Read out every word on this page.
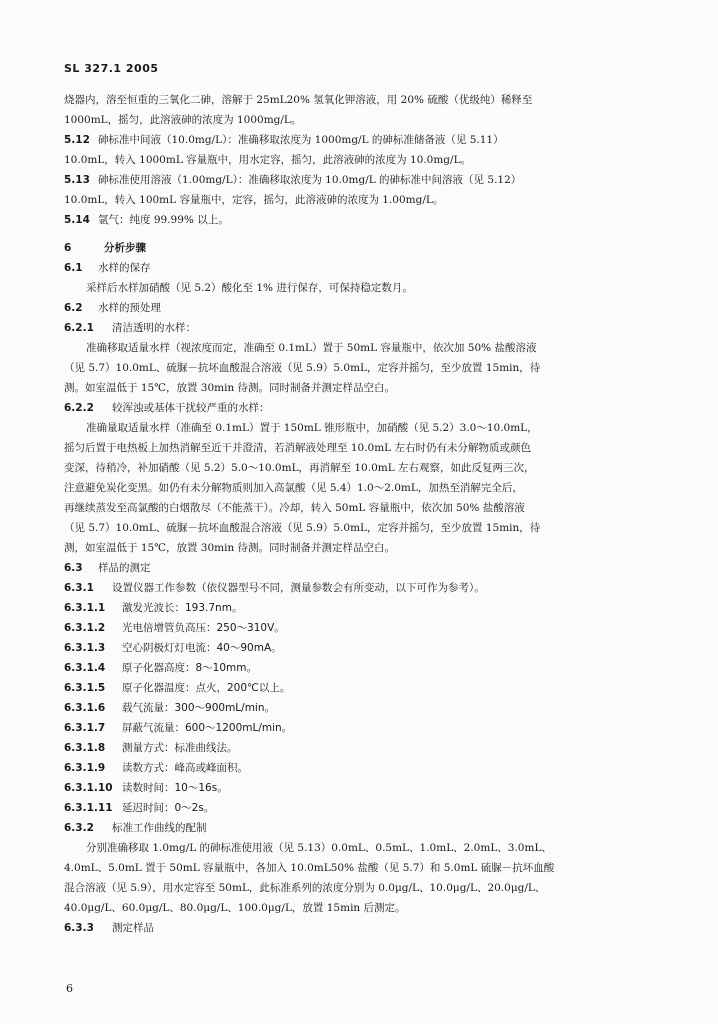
SL 327.1 2005
烧器内，溶至恒重的三氧化二砷，溶解于 25mL20% 氢氧化钾溶液，用 20% 硫酸（优级纯）稀释至
1000mL，摇匀，此溶液砷的浓度为 1000mg/L。
5.12 砷标准中间液（10.0mg/L）：准确移取浓度为 1000mg/L 的砷标准储备液（见 5.11）
10.0mL，转入 1000mL 容量瓶中，用水定容，摇匀，此溶液砷的浓度为 10.0mg/L。
5.13 砷标准使用溶液（1.00mg/L）：准确移取浓度为 10.0mg/L 的砷标准中间溶液（见 5.12）
10.0mL，转入 100mL 容量瓶中，定容，摇匀，此溶液砷的浓度为 1.00mg/L。
5.14 氩气：纯度 99.99% 以上。
6	分析步骤
6.1 水样的保存
采样后水样加硝酸（见 5.2）酸化至 1% 进行保存，可保持稳定数月。
6.2 水样的预处理
6.2.1 清洁透明的水样：
准确移取适量水样（视浓度而定，准确至 0.1mL）置于 50mL 容量瓶中，依次加 50% 盐酸溶液
（见 5.7）10.0mL、硫脲－抗坏血酸混合溶液（见 5.9）5.0mL，定容并摇匀，至少放置 15min，待
测。如室温低于 15℃，放置 30min 待测。同时制备并测定样品空白。
6.2.2 较浑浊或基体干扰较严重的水样：
准确量取适量水样（准确至 0.1mL）置于 150mL 锥形瓶中，加硝酸（见 5.2）3.0～10.0mL，
摇匀后置于电热板上加热消解至近干并澄清，若消解液处理至 10.0mL 左右时仍有未分解物质或颜色
变深，待稍冷，补加硝酸（见 5.2）5.0～10.0mL，再消解至 10.0mL 左右观察，如此反复两三次，
注意避免炭化变黑。如仍有未分解物质则加入高氯酸（见 5.4）1.0～2.0mL，加热至消解完全后，
再继续蒸发至高氯酸的白烟散尽（不能蒸干）。冷却，转入 50mL 容量瓶中，依次加 50% 盐酸溶液
（见 5.7）10.0mL、硫脲－抗坏血酸混合溶液（见 5.9）5.0mL，定容并摇匀，至少放置 15min，待
测，如室温低于 15℃，放置 30min 待测。同时制备并测定样品空白。
6.3 样品的测定
6.3.1 设置仪器工作参数（依仪器型号不同，测量参数会有所变动，以下可作为参考）。
6.3.1.1 激发光波长：193.7nm。
6.3.1.2 光电倍增管负高压：250～310V。
6.3.1.3 空心阴极灯灯电流：40～90mA。
6.3.1.4 原子化器高度：8～10mm。
6.3.1.5 原子化器温度：点火，200℃以上。
6.3.1.6 载气流量：300～900mL/min。
6.3.1.7 屏蔽气流量：600～1200mL/min。
6.3.1.8 测量方式：标准曲线法。
6.3.1.9 读数方式：峰高或峰面积。
6.3.1.10 读数时间：10～16s。
6.3.1.11 延迟时间：0～2s。
6.3.2 标准工作曲线的配制
分别准确移取 1.0mg/L 的砷标准使用液（见 5.13）0.0mL、0.5mL、1.0mL、2.0mL、3.0mL、
4.0mL、5.0mL 置于 50mL 容量瓶中，各加入 10.0mL50% 盐酸（见 5.7）和 5.0mL 硫脲－抗坏血酸
混合溶液（见 5.9），用水定容至 50mL，此标准系列的浓度分别为 0.0μg/L、10.0μg/L、20.0μg/L、
40.0μg/L、60.0μg/L、80.0μg/L、100.0μg/L，放置 15min 后测定。
6.3.3 测定样品
6
